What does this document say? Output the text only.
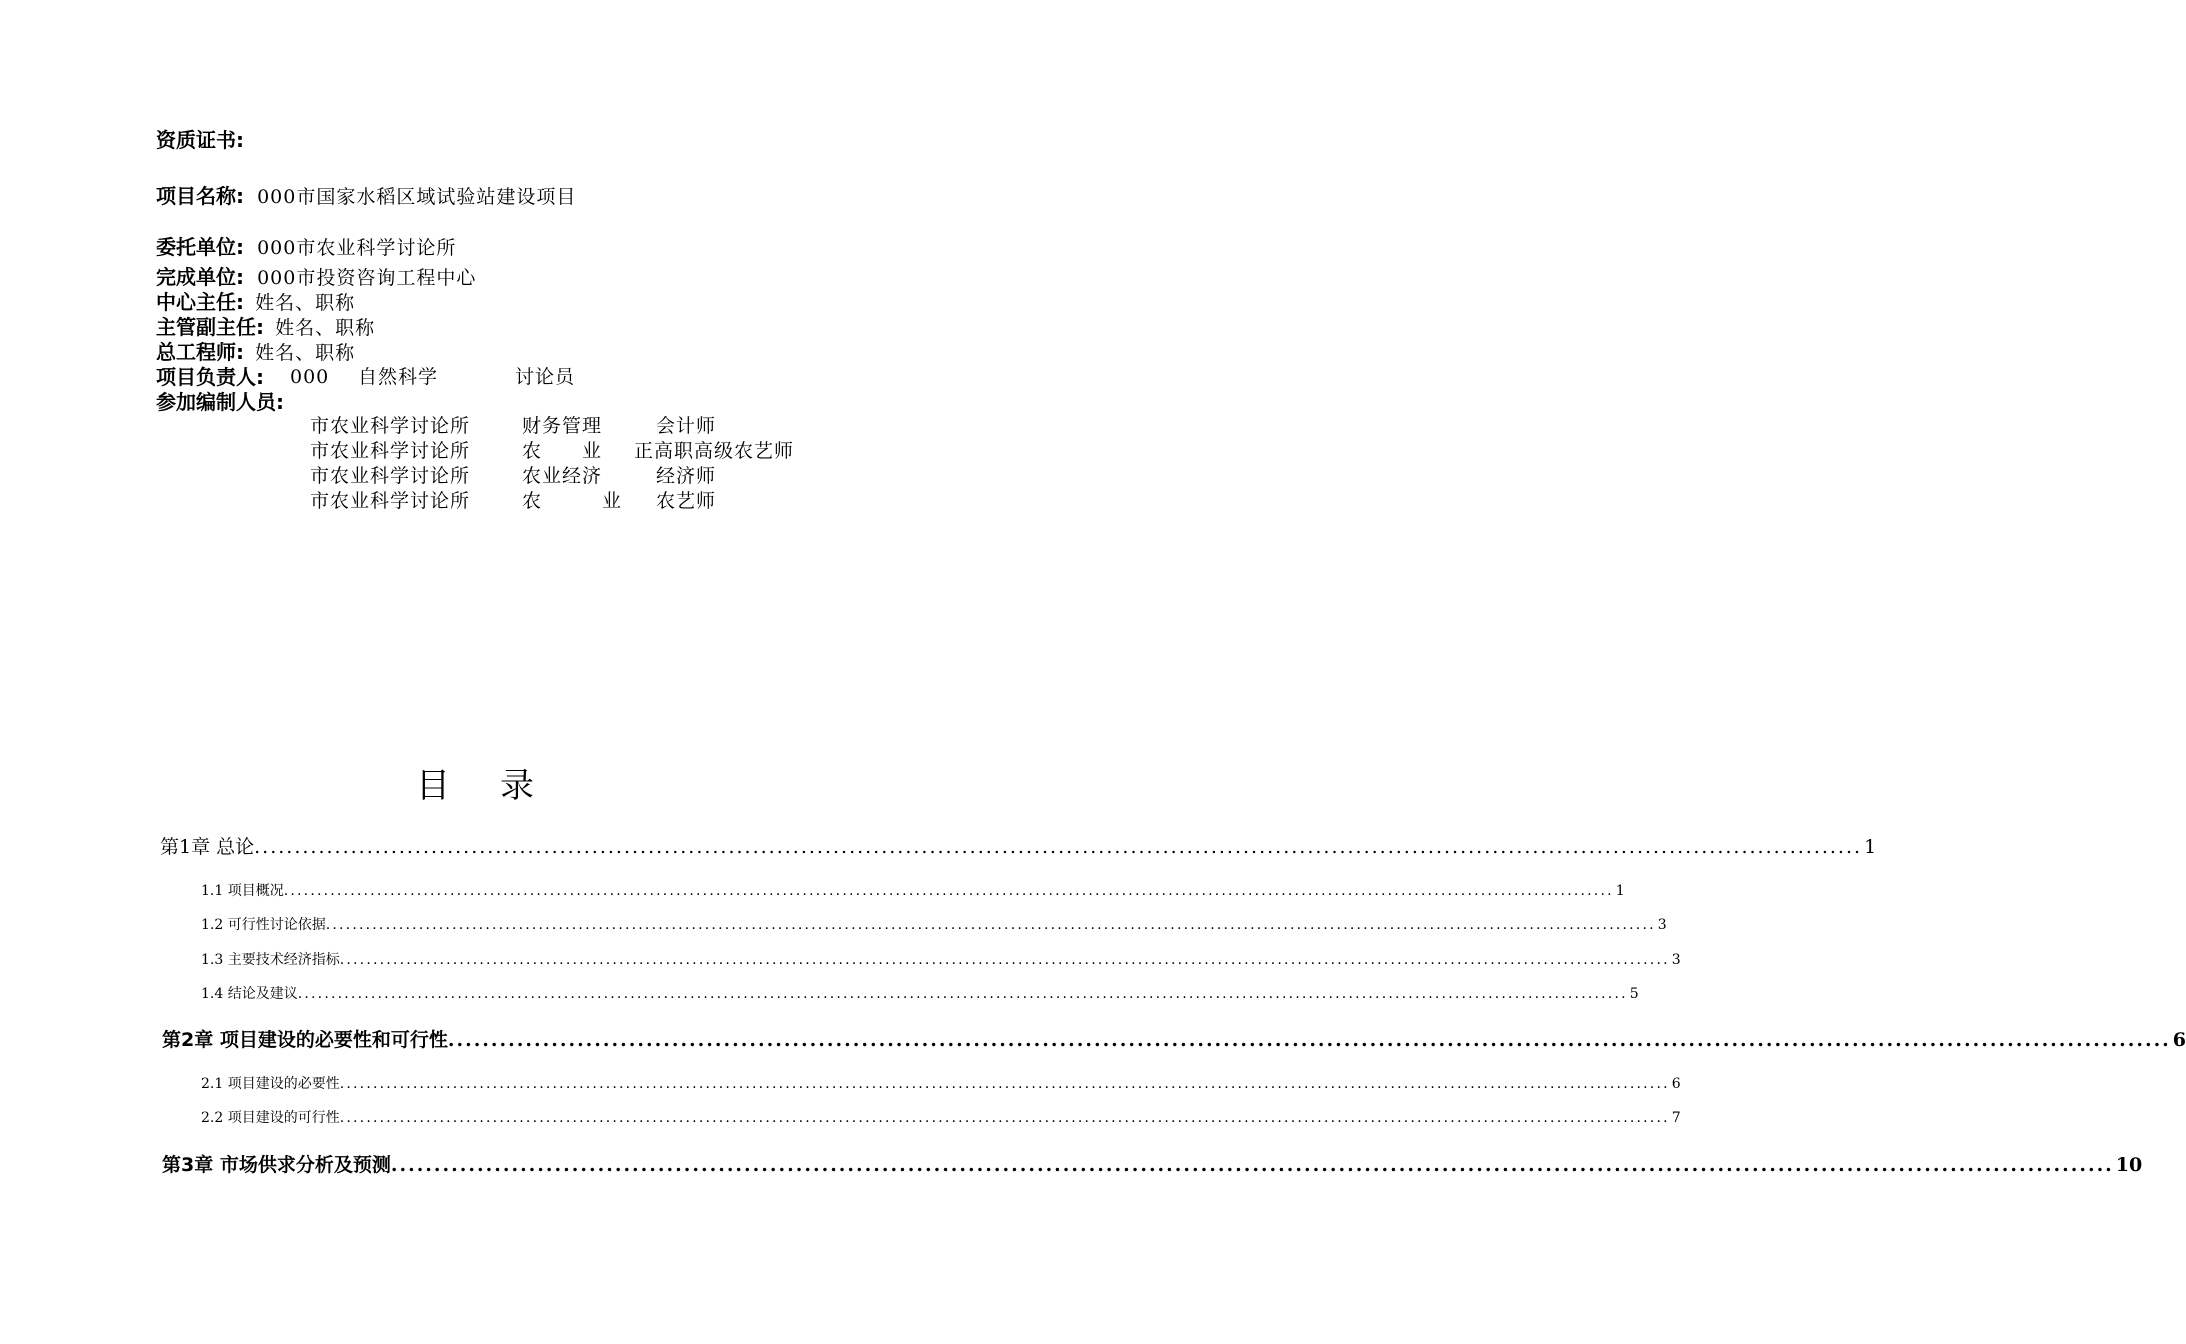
资质证书:
项目名称: 000市国家水稻区域试验站建设项目
委托单位: 000市农业科学讨论所
完成单位: 000市投资咨询工程中心
中心主任: 姓名、职称
主管副主任: 姓名、职称
总工程师: 姓名、职称
项目负责人: 000 自然科学	讨论员
参加编制人员:
市农业科学讨论所	财务管理	会计师
市农业科学讨论所	农　　业 正高职高级农艺师
市农业科学讨论所	农业经济	经济师
市农业科学讨论所	农　　　业 农艺师
目录
第1章 总论 ........................................................................................................................................................................................................ 1
1.1 项目概况 ........................................................................................................................................................................................................ 1
1.2 可行性讨论依据 ........................................................................................................................................................................................................ 3
1.3 主要技术经济指标 ........................................................................................................................................................................................................ 3
1.4 结论及建议 ........................................................................................................................................................................................................ 5
第2章 项目建设的必要性和可行性 ........................................................................................................................................................................................................ 6
2.1 项目建设的必要性 ........................................................................................................................................................................................................ 6
2.2 项目建设的可行性 ........................................................................................................................................................................................................ 7
第3章 市场供求分析及预测 ........................................................................................................................................................................................................ 10
